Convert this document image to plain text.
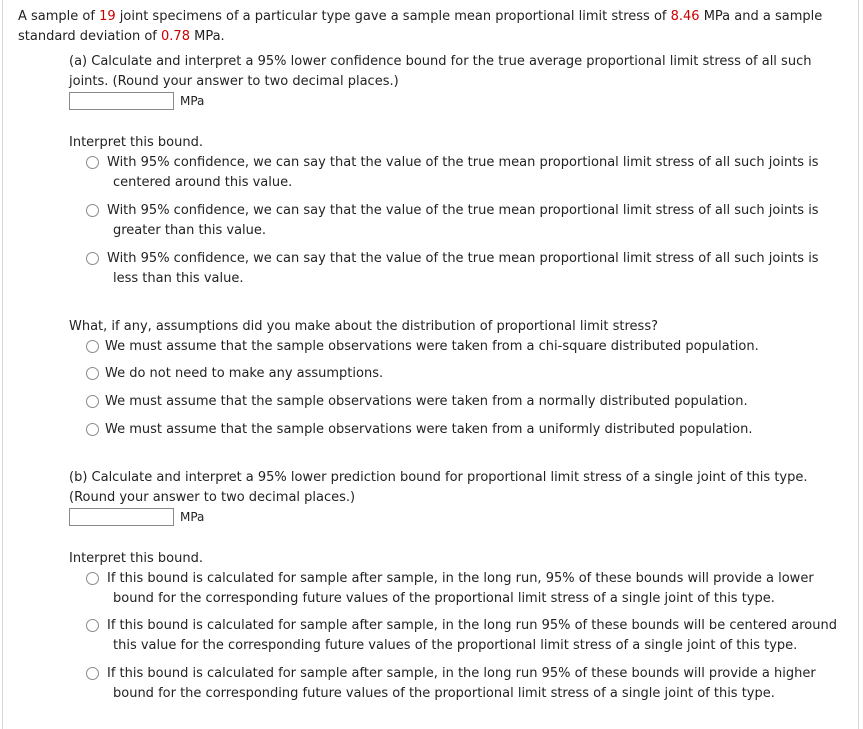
A sample of 19 joint specimens of a particular type gave a sample mean proportional limit stress of 8.46 MPa and a sample standard deviation of 0.78 MPa.
(a) Calculate and interpret a 95% lower confidence bound for the true average proportional limit stress of all such joints. (Round your answer to two decimal places.)
MPa
Interpret this bound.
With 95% confidence, we can say that the value of the true mean proportional limit stress of all such joints is centered around this value.
With 95% confidence, we can say that the value of the true mean proportional limit stress of all such joints is greater than this value.
With 95% confidence, we can say that the value of the true mean proportional limit stress of all such joints is less than this value.
What, if any, assumptions did you make about the distribution of proportional limit stress?
We must assume that the sample observations were taken from a chi-square distributed population.
We do not need to make any assumptions.
We must assume that the sample observations were taken from a normally distributed population.
We must assume that the sample observations were taken from a uniformly distributed population.
(b) Calculate and interpret a 95% lower prediction bound for proportional limit stress of a single joint of this type. (Round your answer to two decimal places.)
MPa
Interpret this bound.
If this bound is calculated for sample after sample, in the long run, 95% of these bounds will provide a lower bound for the corresponding future values of the proportional limit stress of a single joint of this type.
If this bound is calculated for sample after sample, in the long run 95% of these bounds will be centered around this value for the corresponding future values of the proportional limit stress of a single joint of this type.
If this bound is calculated for sample after sample, in the long run 95% of these bounds will provide a higher bound for the corresponding future values of the proportional limit stress of a single joint of this type.
